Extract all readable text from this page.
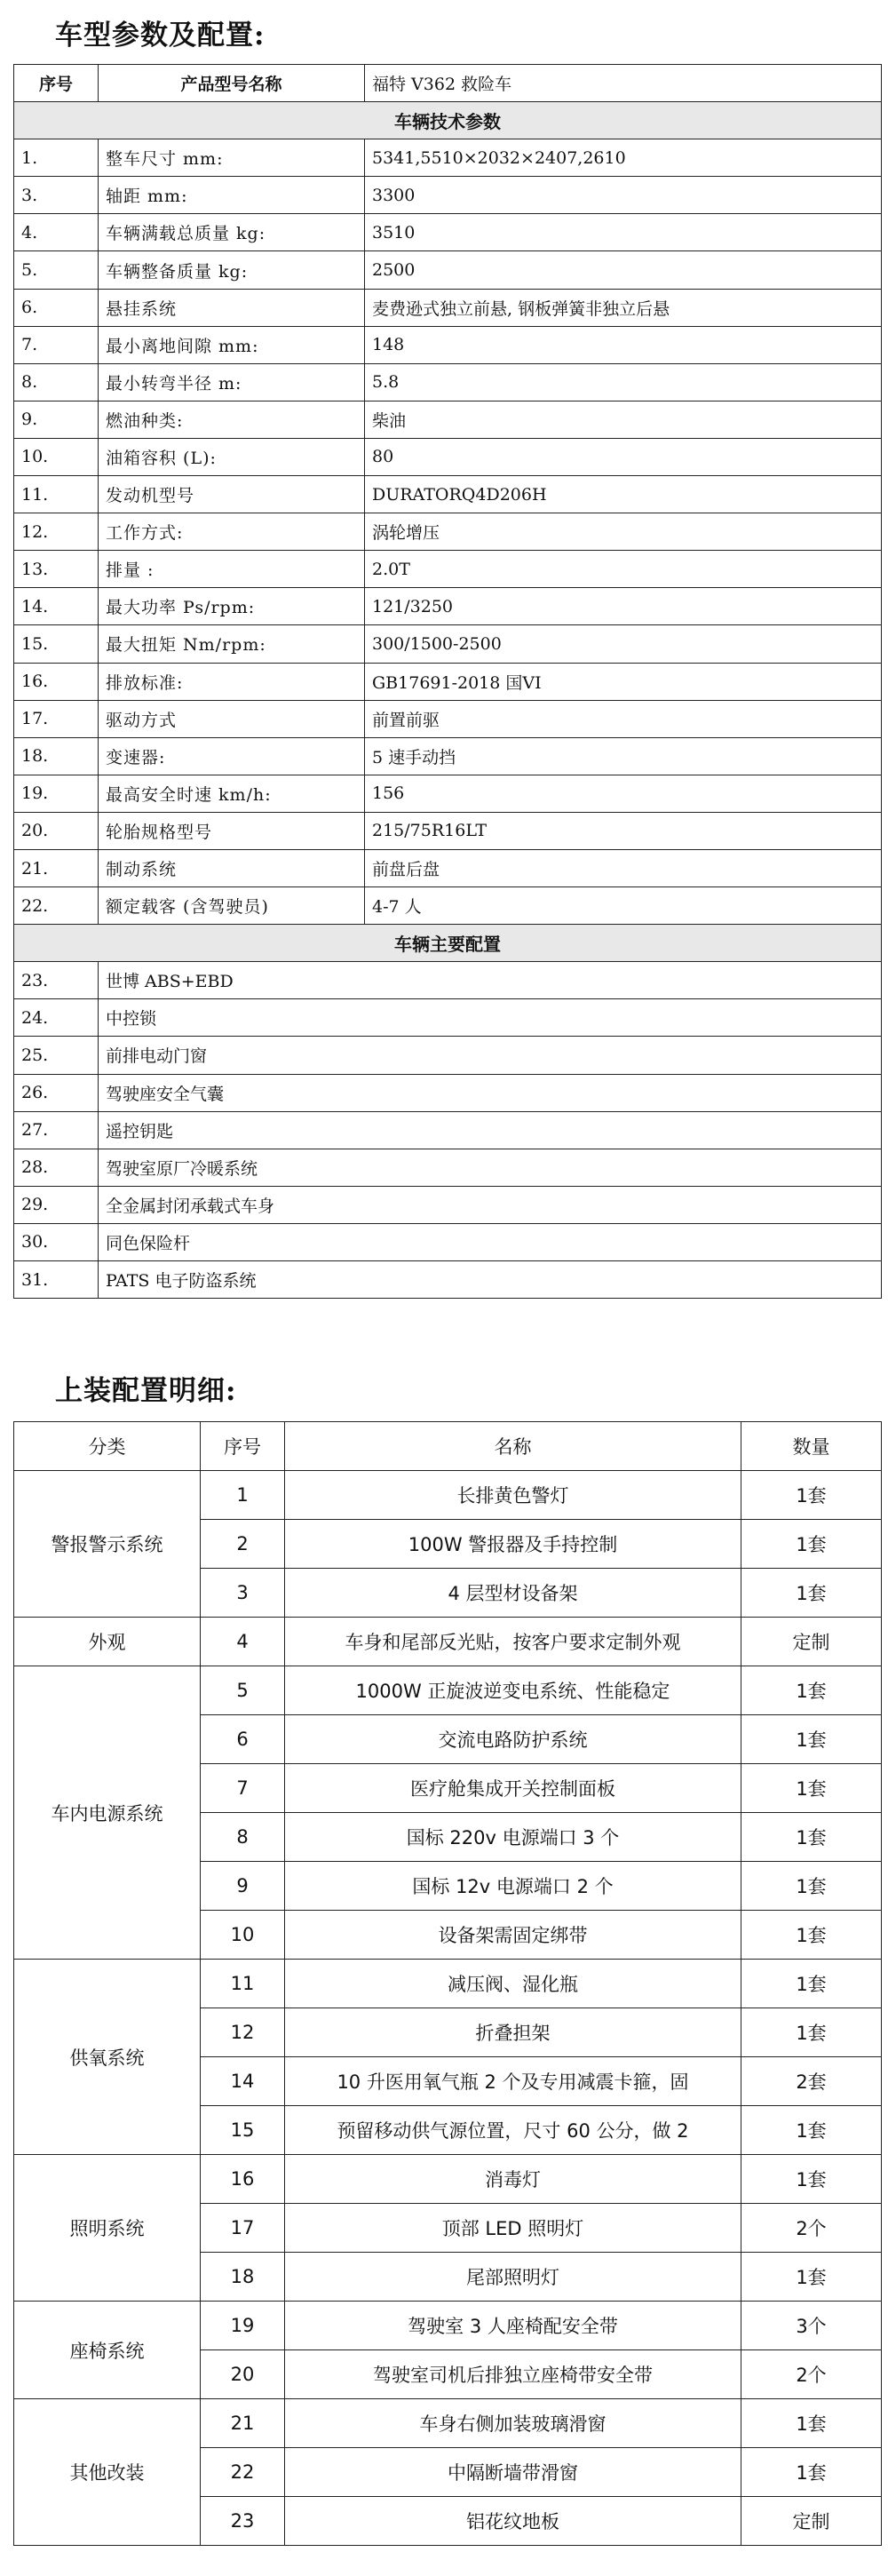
车型参数及配置:
序号	产品型号名称	福特 V362 救险车
车辆技术参数		
1.	整车尺寸 mm:	5341,5510×2032×2407,2610
3.	轴距 mm:	3300
4.	车辆满载总质量 kg:	3510
5.	车辆整备质量 kg:	2500
6.	悬挂系统	麦费逊式独立前悬, 钢板弹簧非独立后悬
7.	最小离地间隙 mm:	148
8.	最小转弯半径 m:	5.8
9.	燃油种类:	柴油
10.	油箱容积 (L):	80
11.	发动机型号	DURATORQ4D206H
12.	工作方式:	涡轮增压
13.	排量 :	2.0T
14.	最大功率 Ps/rpm:	121/3250
15.	最大扭矩 Nm/rpm:	300/1500-2500
16.	排放标准:	GB17691-2018 国VI
17.	驱动方式	前置前驱
18.	变速器:	5 速手动挡
19.	最高安全时速 km/h:	156
20.	轮胎规格型号	215/75R16LT
21.	制动系统	前盘后盘
22.	额定载客 (含驾驶员)	4-7 人
车辆主要配置		
23.	世博 ABS+EBD	
24.	中控锁	
25.	前排电动门窗	
26.	驾驶座安全气囊	
27.	遥控钥匙	
28.	驾驶室原厂冷暖系统	
29.	全金属封闭承载式车身	
30.	同色保险杆	
31.	PATS 电子防盗系统	
上装配置明细:
分类	序号	名称	数量
警报警示系统	1	长排黄色警灯	1套
	2	100W 警报器及手持控制	1套
	3	4 层型材设备架	1套
外观	4	车身和尾部反光贴，按客户要求定制外观	定制
车内电源系统	5	1000W 正旋波逆变电系统、性能稳定	1套
	6	交流电路防护系统	1套
	7	医疗舱集成开关控制面板	1套
	8	国标 220v 电源端口 3 个	1套
	9	国标 12v 电源端口 2 个	1套
	10	设备架需固定绑带	1套
供氧系统	11	减压阀、湿化瓶	1套
	12	折叠担架	1套
	14	10 升医用氧气瓶 2 个及专用减震卡箍，固	2套
	15	预留移动供气源位置，尺寸 60 公分，做 2	1套
照明系统	16	消毒灯	1套
	17	顶部 LED 照明灯	2个
	18	尾部照明灯	1套
座椅系统	19	驾驶室 3 人座椅配安全带	3个
	20	驾驶室司机后排独立座椅带安全带	2个
其他改装	21	车身右侧加装玻璃滑窗	1套
	22	中隔断墙带滑窗	1套
	23	铝花纹地板	定制
